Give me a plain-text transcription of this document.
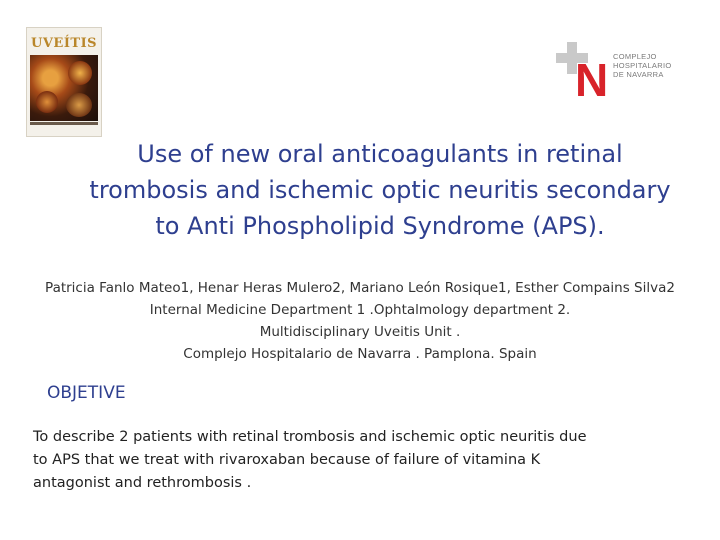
UVEÍTIS
N COMPLEJO
HOSPITALARIO
DE NAVARRA
Use of new oral anticoagulants in retinal
trombosis and ischemic optic neuritis secondary
to Anti Phospholipid Syndrome (APS).
Patricia Fanlo Mateo1, Henar Heras Mulero2, Mariano León Rosique1, Esther Compains Silva2
Internal Medicine Department 1 .Ophtalmology department 2.
Multidisciplinary Uveitis Unit .
Complejo Hospitalario de Navarra . Pamplona. Spain
OBJETIVE
To describe 2 patients with retinal trombosis and ischemic optic neuritis due
to APS that we treat with rivaroxaban because of failure of vitamina K
antagonist and rethrombosis .
